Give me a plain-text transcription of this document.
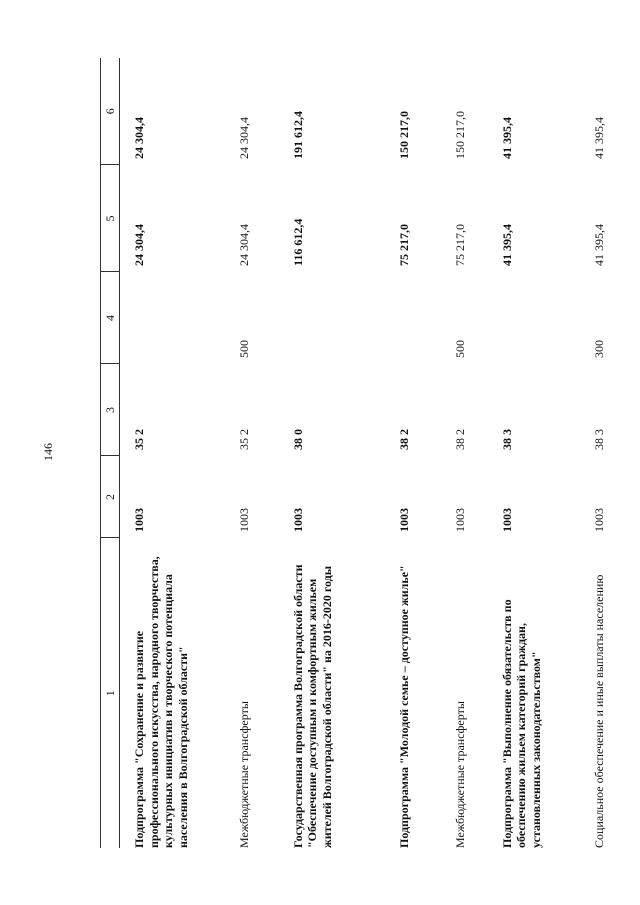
146
1	2	3	4	5	6
Подпрограмма "Сохранение и развитие профессионального искусства, народного творчества, культурных инициатив и творческого потенциала населения в Волгоградской области"	1003	35 2		24 304,4	24 304,4
Межбюджетные трансферты	1003	35 2	500	24 304,4	24 304,4
Государственная программа Волгоградской области "Обеспечение доступным и комфортным жильем жителей Волгоградской области" на 2016-2020 годы	1003	38 0		116 612,4	191 612,4
Подпрограмма "Молодой семье – доступное жилье"	1003	38 2		75 217,0	150 217,0
Межбюджетные трансферты	1003	38 2	500	75 217,0	150 217,0
Подпрограмма "Выполнение обязательств по обеспечению жильем категорий граждан, установленных законодательством"	1003	38 3		41 395,4	41 395,4
Социальное обеспечение и иные выплаты населению	1003	38 3	300	41 395,4	41 395,4
